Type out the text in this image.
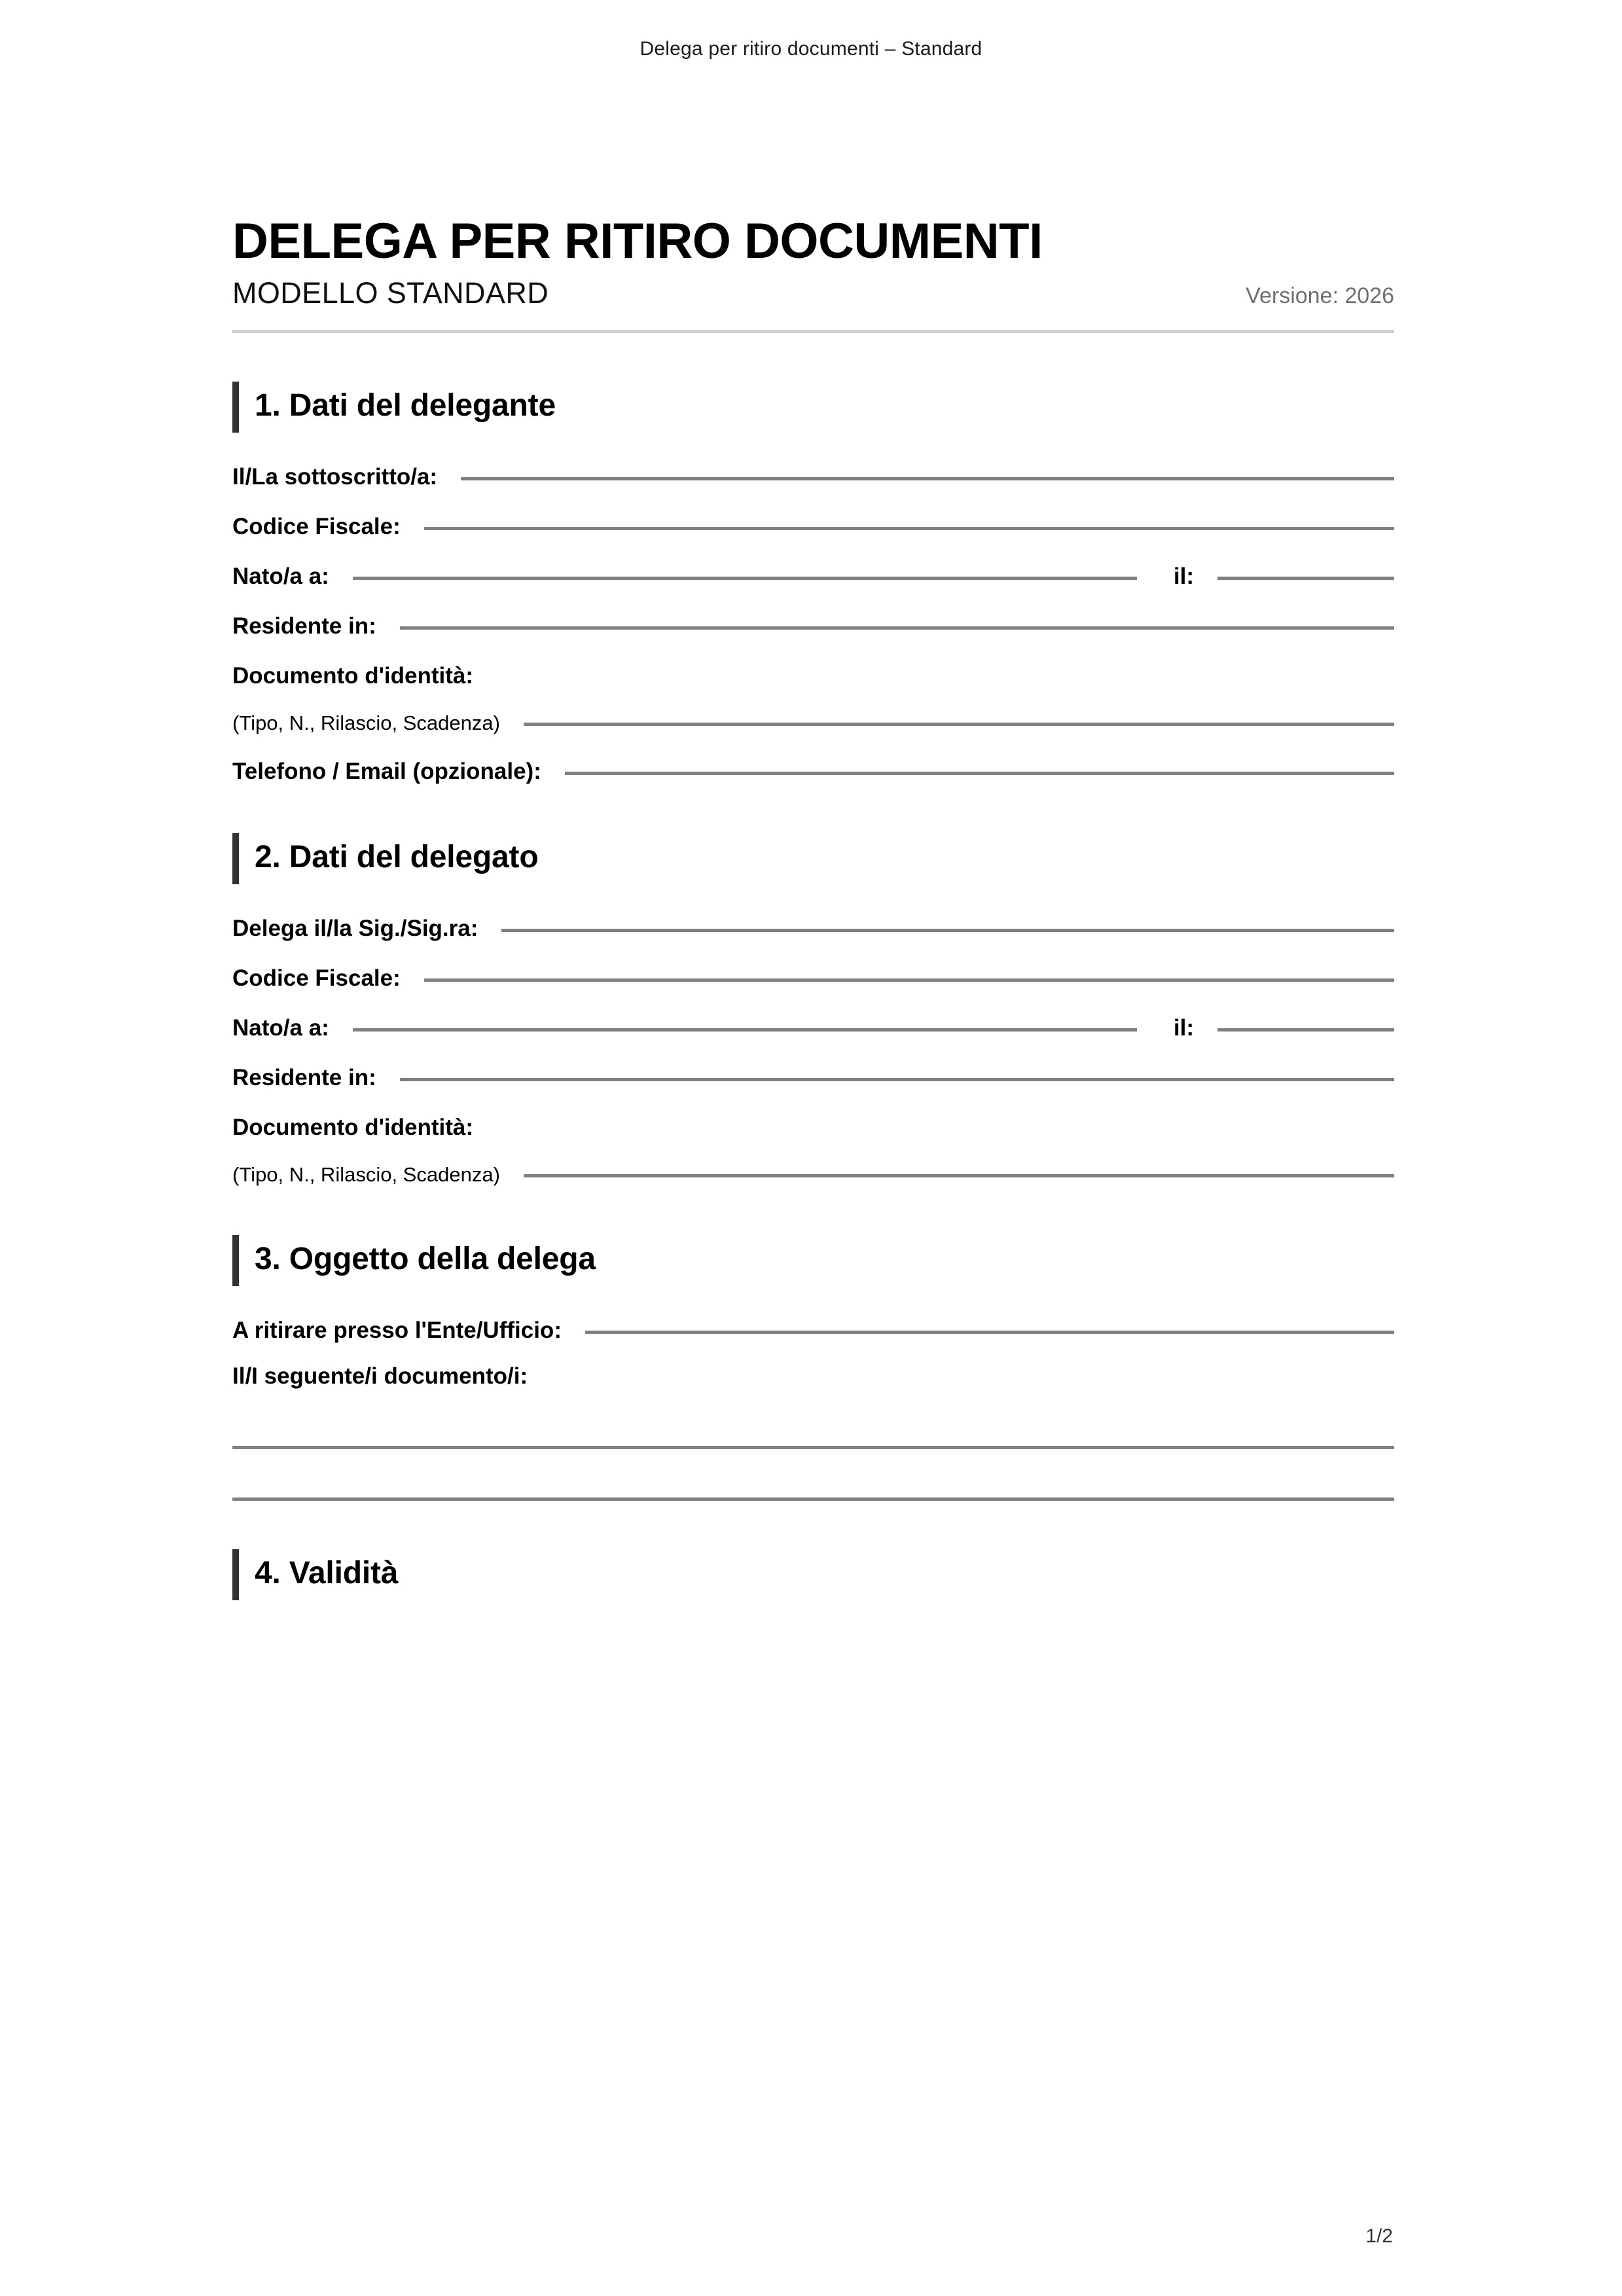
Delega per ritiro documenti – Standard
DELEGA PER RITIRO DOCUMENTI
MODELLO STANDARD	Versione: 2026
1. Dati del delegante
Il/La sottoscritto/a:
Codice Fiscale:
Nato/a a:	il:
Residente in:
Documento d'identità:
(Tipo, N., Rilascio, Scadenza)
Telefono / Email (opzionale):
2. Dati del delegato
Delega il/la Sig./Sig.ra:
Codice Fiscale:
Nato/a a:	il:
Residente in:
Documento d'identità:
(Tipo, N., Rilascio, Scadenza)
3. Oggetto della delega
A ritirare presso l'Ente/Ufficio:
Il/I seguente/i documento/i:
4. Validità
1/2
